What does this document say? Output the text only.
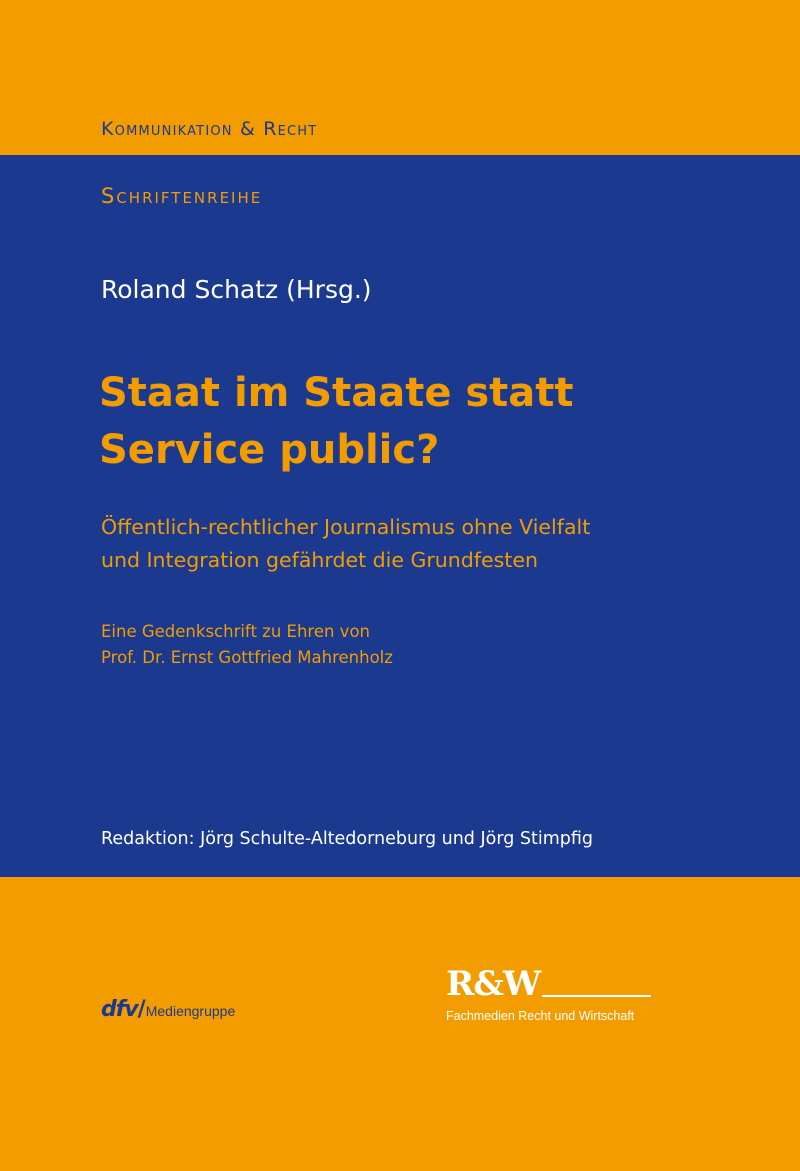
Kommunikation & Recht

Schriftenreihe

Roland Schatz (Hrsg.)

Staat im Staate statt
Service public?

Öffentlich-rechtlicher Journalismus ohne Vielfalt
und Integration gefährdet die Grundfesten

Eine Gedenkschrift zu Ehren von
Prof. Dr. Ernst Gottfried Mahrenholz

Redaktion: Jörg Schulte-Altedorneburg und Jörg Stimpfig

dfv / Mediengruppe
R&W
Fachmedien Recht und Wirtschaft
